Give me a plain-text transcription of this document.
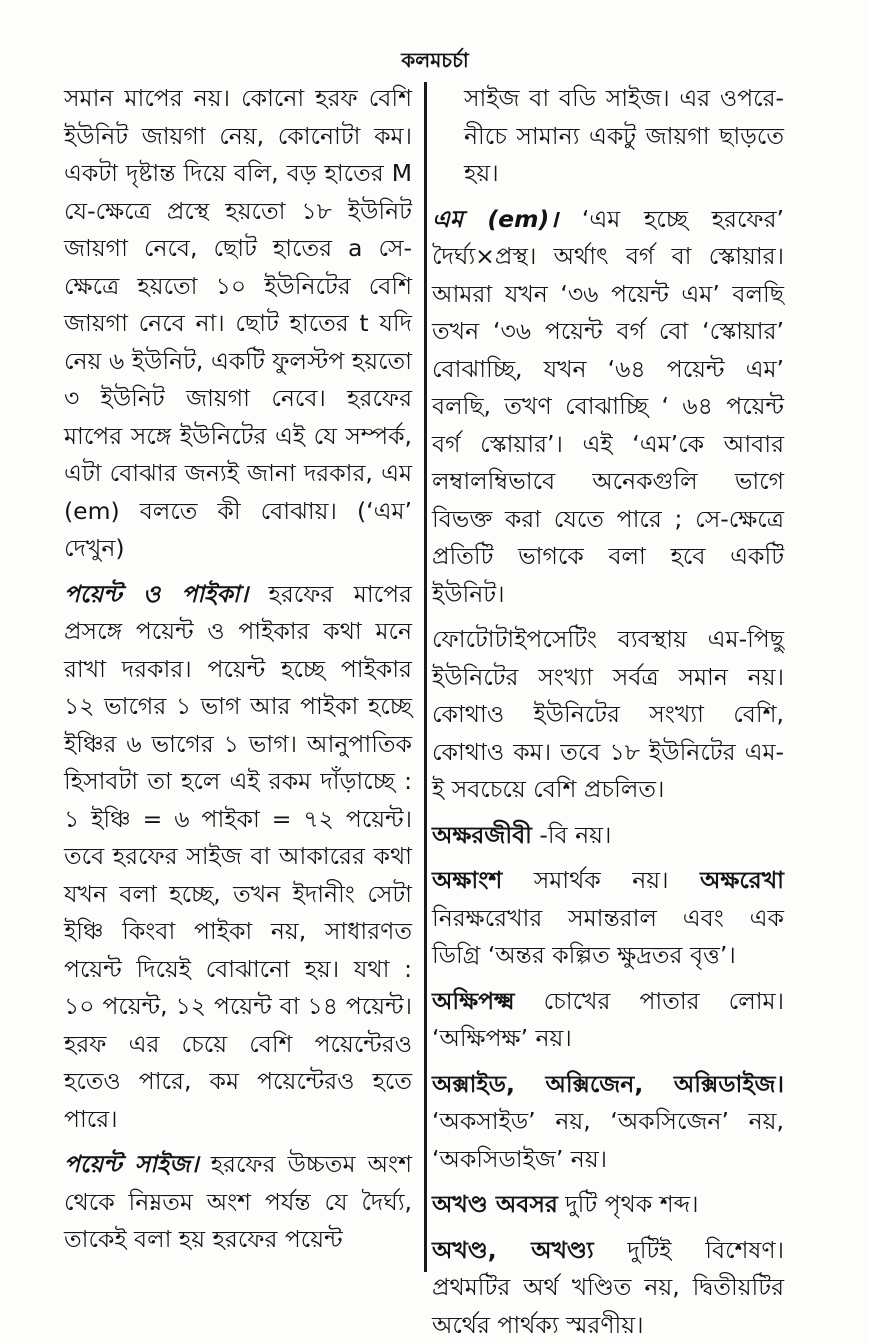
কলমচর্চা

সমান মাপের নয়। কোনো হরফ বেশি ইউনিট জায়গা নেয়, কোনোটা কম। একটা দৃষ্টান্ত দিয়ে বলি, বড় হাতের M যে-ক্ষেত্রে প্রস্থে হয়তো ১৮ ইউনিট জায়গা নেবে, ছোট হাতের a সে-ক্ষেত্রে হয়তো ১০ ইউনিটের বেশি জায়গা নেবে না। ছোট হাতের t যদি নেয় ৬ ইউনিট, একটি ফুলস্টপ হয়তো ৩ ইউনিট জায়গা নেবে। হরফের মাপের সঙ্গে ইউনিটের এই যে সম্পর্ক, এটা বোঝার জন্যই জানা দরকার, এম (em) বলতে কী বোঝায়। (‘এম’ দেখুন)

পয়েন্ট ও পাইকা। হরফের মাপের প্রসঙ্গে পয়েন্ট ও পাইকার কথা মনে রাখা দরকার। পয়েন্ট হচ্ছে পাইকার ১২ ভাগের ১ ভাগ আর পাইকা হচ্ছে ইঞ্চির ৬ ভাগের ১ ভাগ। আনুপাতিক হিসাবটা তা হলে এই রকম দাঁড়াচ্ছে : ১ ইঞ্চি = ৬ পাইকা = ৭২ পয়েন্ট। তবে হরফের সাইজ বা আকারের কথা যখন বলা হচ্ছে, তখন ইদানীং সেটা ইঞ্চি কিংবা পাইকা নয়, সাধারণত পয়েন্ট দিয়েই বোঝানো হয়। যথা : ১০ পয়েন্ট, ১২ পয়েন্ট বা ১৪ পয়েন্ট। হরফ এর চেয়ে বেশি পয়েন্টেরও হতেও পারে, কম পয়েন্টেরও হতে পারে।

পয়েন্ট সাইজ। হরফের উচ্চতম অংশ থেকে নিম্নতম অংশ পর্যন্ত যে দৈর্ঘ্য, তাকেই বলা হয় হরফের পয়েন্ট

সাইজ বা বডি সাইজ। এর ওপরে-নীচে সামান্য একটু জায়গা ছাড়তে হয়।

এম (em)। ‘এম হচ্ছে হরফের’ দৈর্ঘ্য×প্রস্থ। অর্থাৎ বর্গ বা স্কোয়ার। আমরা যখন ‘৩৬ পয়েন্ট এম’ বলছি তখন ‘৩৬ পয়েন্ট বর্গ বো ‘স্কোয়ার’ বোঝাচ্ছি, যখন ‘৬৪ পয়েন্ট এম’ বলছি, তখণ বোঝাচ্ছি ‘ ৬৪ পয়েন্ট বর্গ স্কোয়ার’। এই ‘এম’কে আবার লম্বালম্বিভাবে অনেকগুলি ভাগে বিভক্ত করা যেতে পারে ; সে-ক্ষেত্রে প্রতিটি ভাগকে বলা হবে একটি ইউনিট।

ফোটোটাইপসেটিং ব্যবস্থায় এম-পিছু ইউনিটের সংখ্যা সর্বত্র সমান নয়। কোথাও ইউনিটের সংখ্যা বেশি, কোথাও কম। তবে ১৮ ইউনিটের এম-ই সবচেয়ে বেশি প্রচলিত।

অক্ষরজীবী -বি নয়।

অক্ষাংশ সমার্থক নয়। অক্ষরেখা নিরক্ষরেখার সমান্তরাল এবং এক ডিগ্রি ‘অন্তর কল্পিত ক্ষুদ্রতর বৃত্ত’।

অক্ষিপক্ষ্ম চোখের পাতার লোম। ‘অক্ষিপক্ষ’ নয়।

অক্সাইড, অক্সিজেন, অক্সিডাইজ। ‘অকসাইড’ নয়, ‘অকসিজেন’ নয়, ‘অকসিডাইজ’ নয়।

অখণ্ড অবসর দুটি পৃথক শব্দ।

অখণ্ড, অখণ্ড্য দুটিই বিশেষণ। প্রথমটির অর্থ খণ্ডিত নয়, দ্বিতীয়টির অর্থের পার্থক্য স্মরণীয়।
